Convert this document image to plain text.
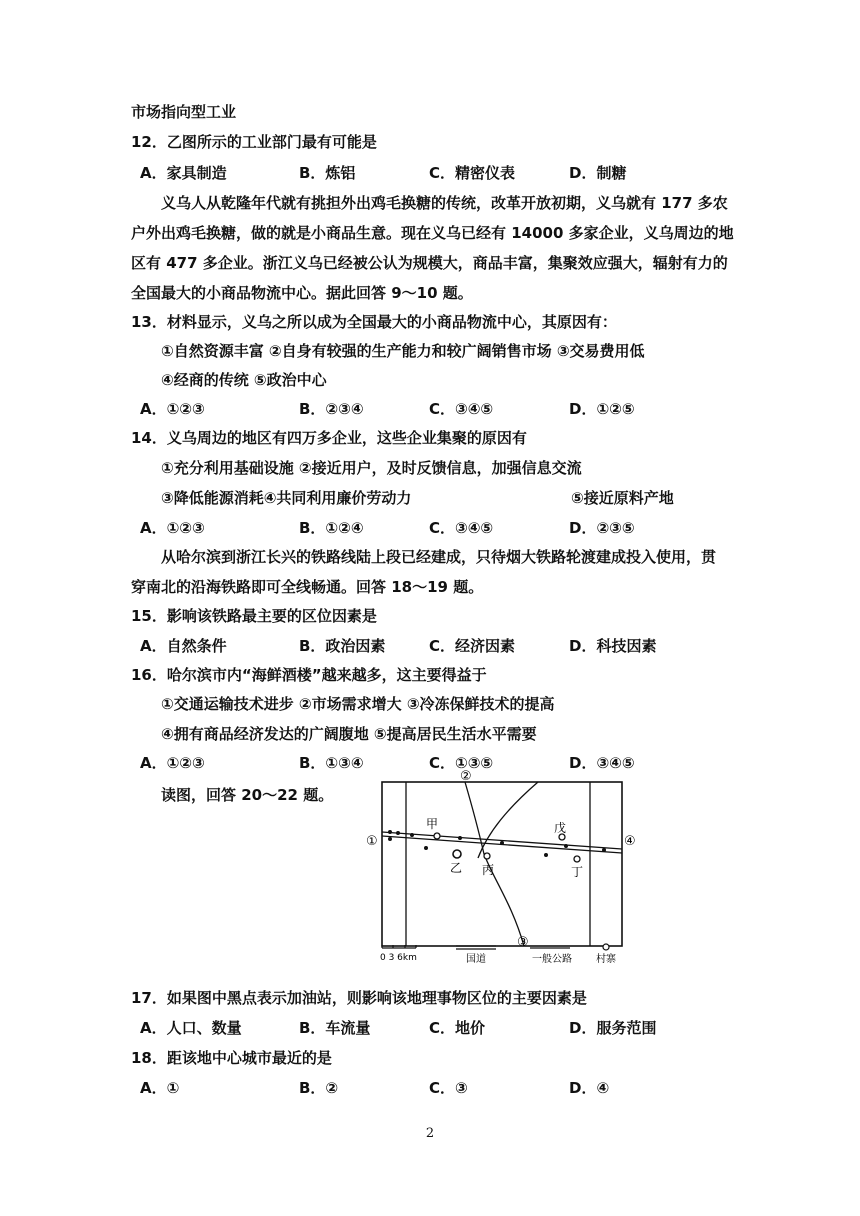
市场指向型工业
12．乙图所示的工业部门最有可能是
A．家具制造	B．炼铝	C．精密仪表	D．制糖
义乌人从乾隆年代就有挑担外出鸡毛换糖的传统，改革开放初期，义乌就有 177 多农
户外出鸡毛换糖，做的就是小商品生意。现在义乌已经有 14000 多家企业，义乌周边的地
区有 477 多企业。浙江义乌已经被公认为规模大，商品丰富，集聚效应强大，辐射有力的
全国最大的小商品物流中心。据此回答 9～10 题。
13．材料显示，义乌之所以成为全国最大的小商品物流中心，其原因有：
①自然资源丰富 ②自身有较强的生产能力和较广阔销售市场 ③交易费用低
④经商的传统 ⑤政治中心
A．①②③	B．②③④	C．③④⑤	D．①②⑤
14．义乌周边的地区有四万多企业，这些企业集聚的原因有
①充分利用基础设施 ②接近用户，及时反馈信息，加强信息交流
③降低能源消耗④共同利用廉价劳动力	⑤接近原料产地
A．①②③	B．①②④	C．③④⑤	D．②③⑤
从哈尔滨到浙江长兴的铁路线陆上段已经建成，只待烟大铁路轮渡建成投入使用，贯
穿南北的沿海铁路即可全线畅通。回答 18～19 题。
15．影响该铁路最主要的区位因素是
A．自然条件	B．政治因素	C．经济因素	D．科技因素
16．哈尔滨市内“海鲜酒楼”越来越多，这主要得益于
①交通运输技术进步 ②市场需求增大 ③冷冻保鲜技术的提高
④拥有商品经济发达的广阔腹地 ⑤提高居民生活水平需要
A．①②③	B．①③④	C．①③⑤	D．③④⑤
读图，回答 20～22 题。
①
②
③
④
甲
乙 丙
戊
丁
0 3 6km	国道	一般公路 村寨
17．如果图中黑点表示加油站，则影响该地理事物区位的主要因素是
A．人口、数量	B．车流量	C．地价	D．服务范围
18．距该地中心城市最近的是
A．①	B．②	C．③	D．④
2
